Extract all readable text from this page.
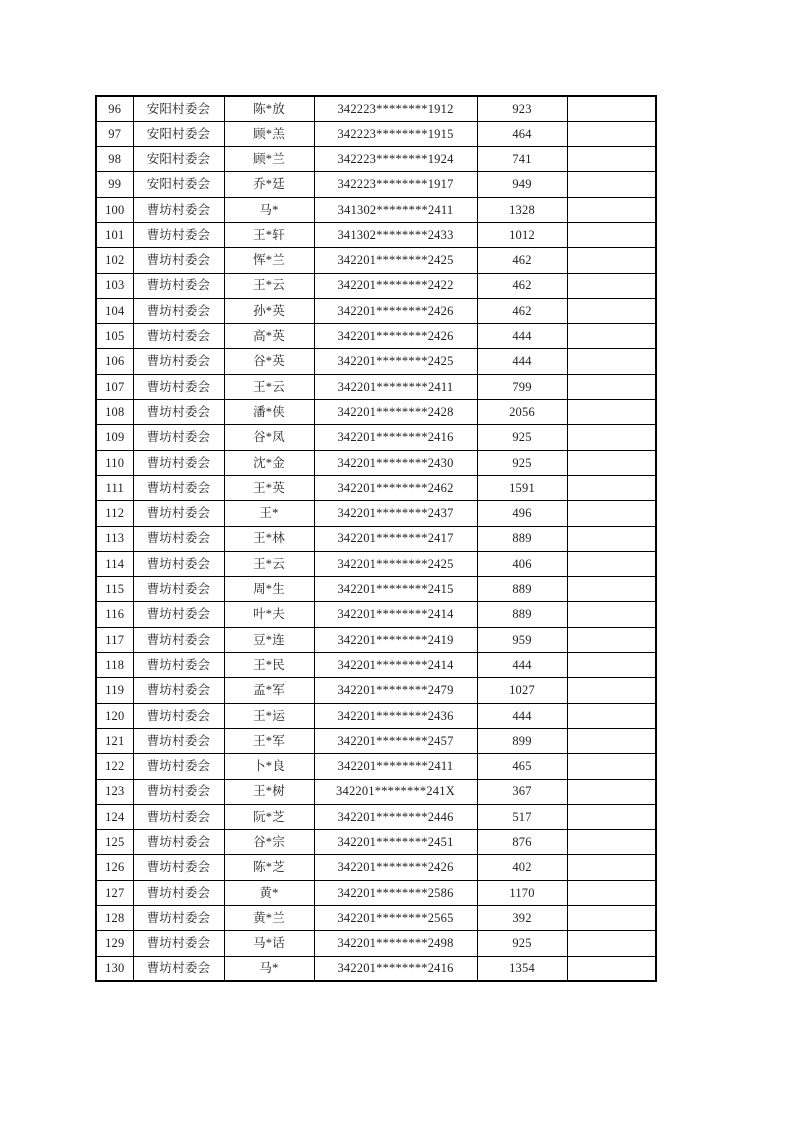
96	安阳村委会	陈*放	342223********1912	923	
97	安阳村委会	顾*羔	342223********1915	464	
98	安阳村委会	顾*兰	342223********1924	741	
99	安阳村委会	乔*廷	342223********1917	949	
100	曹坊村委会	马*	341302********2411	1328	
101	曹坊村委会	王*轩	341302********2433	1012	
102	曹坊村委会	恽*兰	342201********2425	462	
103	曹坊村委会	王*云	342201********2422	462	
104	曹坊村委会	孙*英	342201********2426	462	
105	曹坊村委会	高*英	342201********2426	444	
106	曹坊村委会	谷*英	342201********2425	444	
107	曹坊村委会	王*云	342201********2411	799	
108	曹坊村委会	潘*侠	342201********2428	2056	
109	曹坊村委会	谷*凤	342201********2416	925	
110	曹坊村委会	沈*金	342201********2430	925	
111	曹坊村委会	王*英	342201********2462	1591	
112	曹坊村委会	王*	342201********2437	496	
113	曹坊村委会	王*林	342201********2417	889	
114	曹坊村委会	王*云	342201********2425	406	
115	曹坊村委会	周*生	342201********2415	889	
116	曹坊村委会	叶*夫	342201********2414	889	
117	曹坊村委会	豆*连	342201********2419	959	
118	曹坊村委会	王*民	342201********2414	444	
119	曹坊村委会	孟*军	342201********2479	1027	
120	曹坊村委会	王*运	342201********2436	444	
121	曹坊村委会	王*军	342201********2457	899	
122	曹坊村委会	卜*良	342201********2411	465	
123	曹坊村委会	王*树	342201********241X	367	
124	曹坊村委会	阮*芝	342201********2446	517	
125	曹坊村委会	谷*宗	342201********2451	876	
126	曹坊村委会	陈*芝	342201********2426	402	
127	曹坊村委会	黄*	342201********2586	1170	
128	曹坊村委会	黄*兰	342201********2565	392	
129	曹坊村委会	马*话	342201********2498	925	
130	曹坊村委会	马*	342201********2416	1354	
